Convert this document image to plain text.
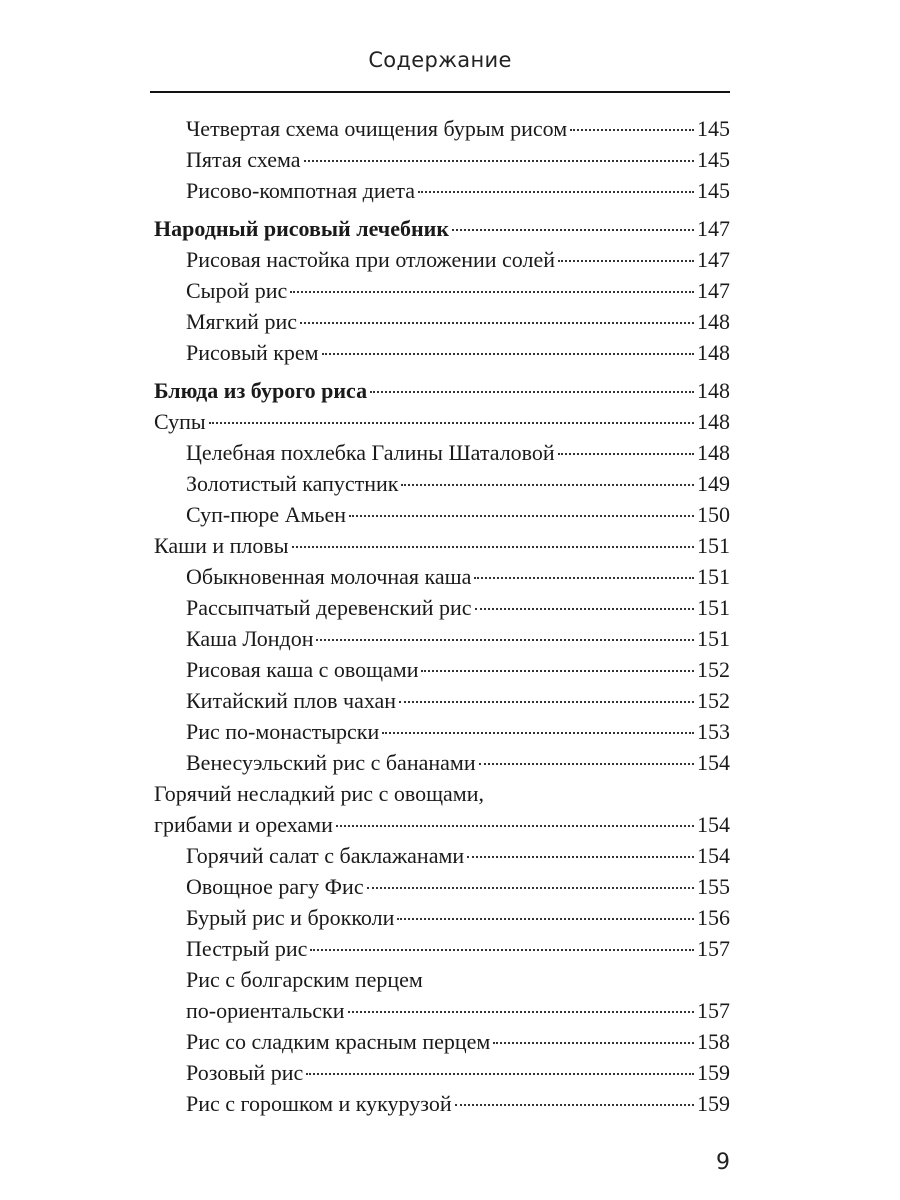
Содержание
Четвертая схема очищения бурым рисом	145
Пятая схема	145
Рисово-компотная диета	145
Народный рисовый лечебник	147
Рисовая настойка при отложении солей	147
Сырой рис	147
Мягкий рис	148
Рисовый крем	148
Блюда из бурого риса	148
Супы	148
Целебная похлебка Галины Шаталовой	148
Золотистый капустник	149
Суп-пюре Амьен	150
Каши и пловы	151
Обыкновенная молочная каша	151
Рассыпчатый деревенский рис	151
Каша Лондон	151
Рисовая каша с овощами	152
Китайский плов чахан	152
Рис по-монастырски	153
Венесуэльский рис с бананами	154
Горячий несладкий рис с овощами,
грибами и орехами	154
Горячий салат с баклажанами	154
Овощное рагу Фис	155
Бурый рис и брокколи	156
Пестрый рис	157
Рис с болгарским перцем
по-ориентальски	157
Рис со сладким красным перцем	158
Розовый рис	159
Рис с горошком и кукурузой	159
9
